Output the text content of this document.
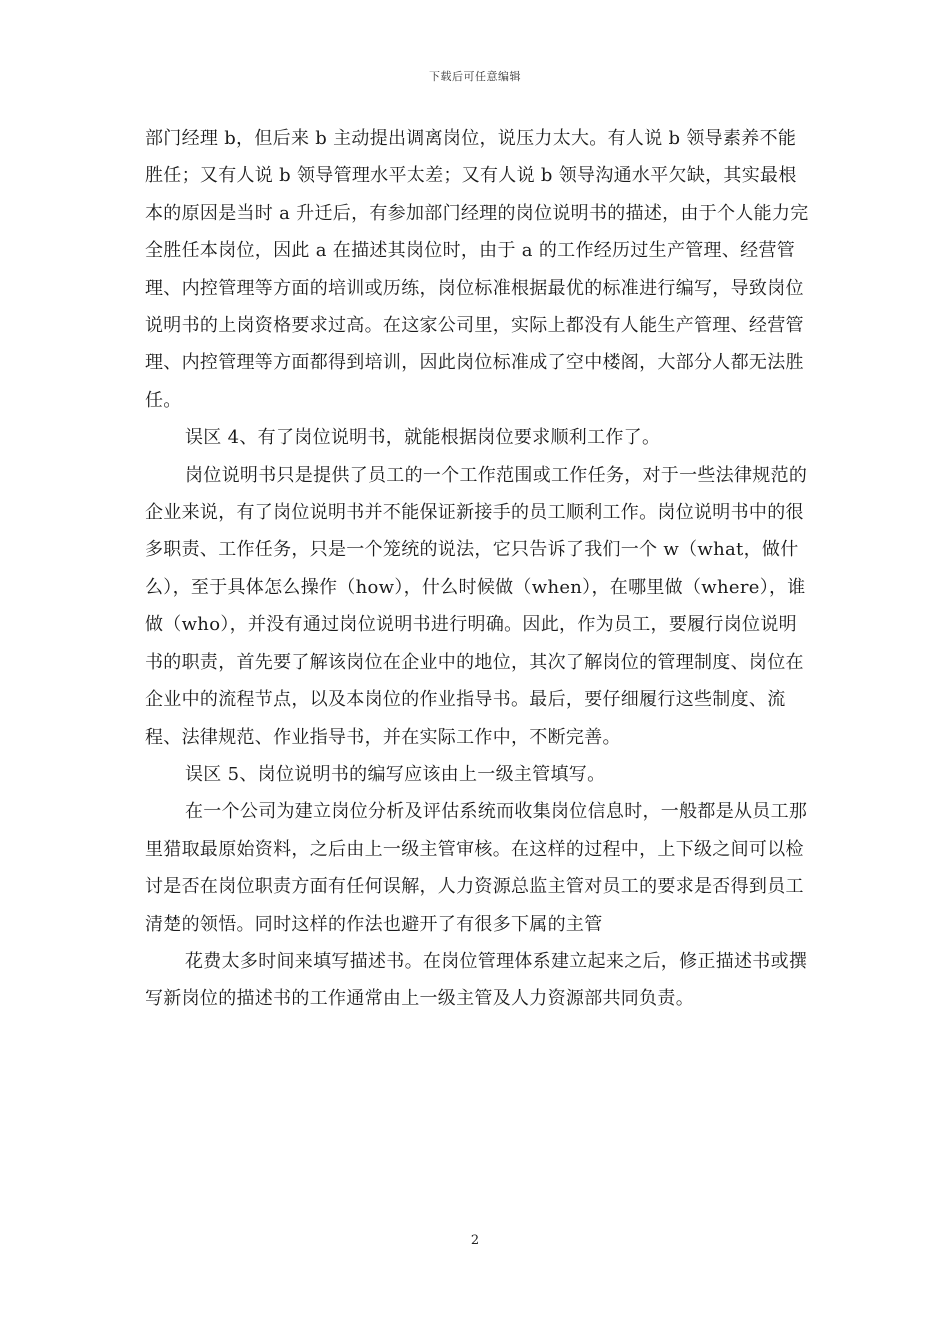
下载后可任意编辑

部门经理 b，但后来 b 主动提出调离岗位，说压力太大。有人说 b 领导素养不能胜任；又有人说 b 领导管理水平太差；又有人说 b 领导沟通水平欠缺，其实最根本的原因是当时 a 升迁后，有参加部门经理的岗位说明书的描述，由于个人能力完全胜任本岗位，因此 a 在描述其岗位时，由于 a 的工作经历过生产管理、经营管理、内控管理等方面的培训或历练，岗位标准根据最优的标准进行编写，导致岗位说明书的上岗资格要求过高。在这家公司里，实际上都没有人能生产管理、经营管理、内控管理等方面都得到培训，因此岗位标准成了空中楼阁，大部分人都无法胜任。

误区 4、有了岗位说明书，就能根据岗位要求顺利工作了。

岗位说明书只是提供了员工的一个工作范围或工作任务，对于一些法律规范的企业来说，有了岗位说明书并不能保证新接手的员工顺利工作。岗位说明书中的很多职责、工作任务，只是一个笼统的说法，它只告诉了我们一个 w（what，做什么），至于具体怎么操作（how），什么时候做（when），在哪里做（where），谁做（who），并没有通过岗位说明书进行明确。因此，作为员工，要履行岗位说明书的职责，首先要了解该岗位在企业中的地位，其次了解岗位的管理制度、岗位在企业中的流程节点，以及本岗位的作业指导书。最后，要仔细履行这些制度、流程、法律规范、作业指导书，并在实际工作中，不断完善。

误区 5、岗位说明书的编写应该由上一级主管填写。

在一个公司为建立岗位分析及评估系统而收集岗位信息时，一般都是从员工那里猎取最原始资料，之后由上一级主管审核。在这样的过程中，上下级之间可以检讨是否在岗位职责方面有任何误解，人力资源总监主管对员工的要求是否得到员工清楚的领悟。同时这样的作法也避开了有很多下属的主管

花费太多时间来填写描述书。在岗位管理体系建立起来之后，修正描述书或撰写新岗位的描述书的工作通常由上一级主管及人力资源部共同负责。

2
